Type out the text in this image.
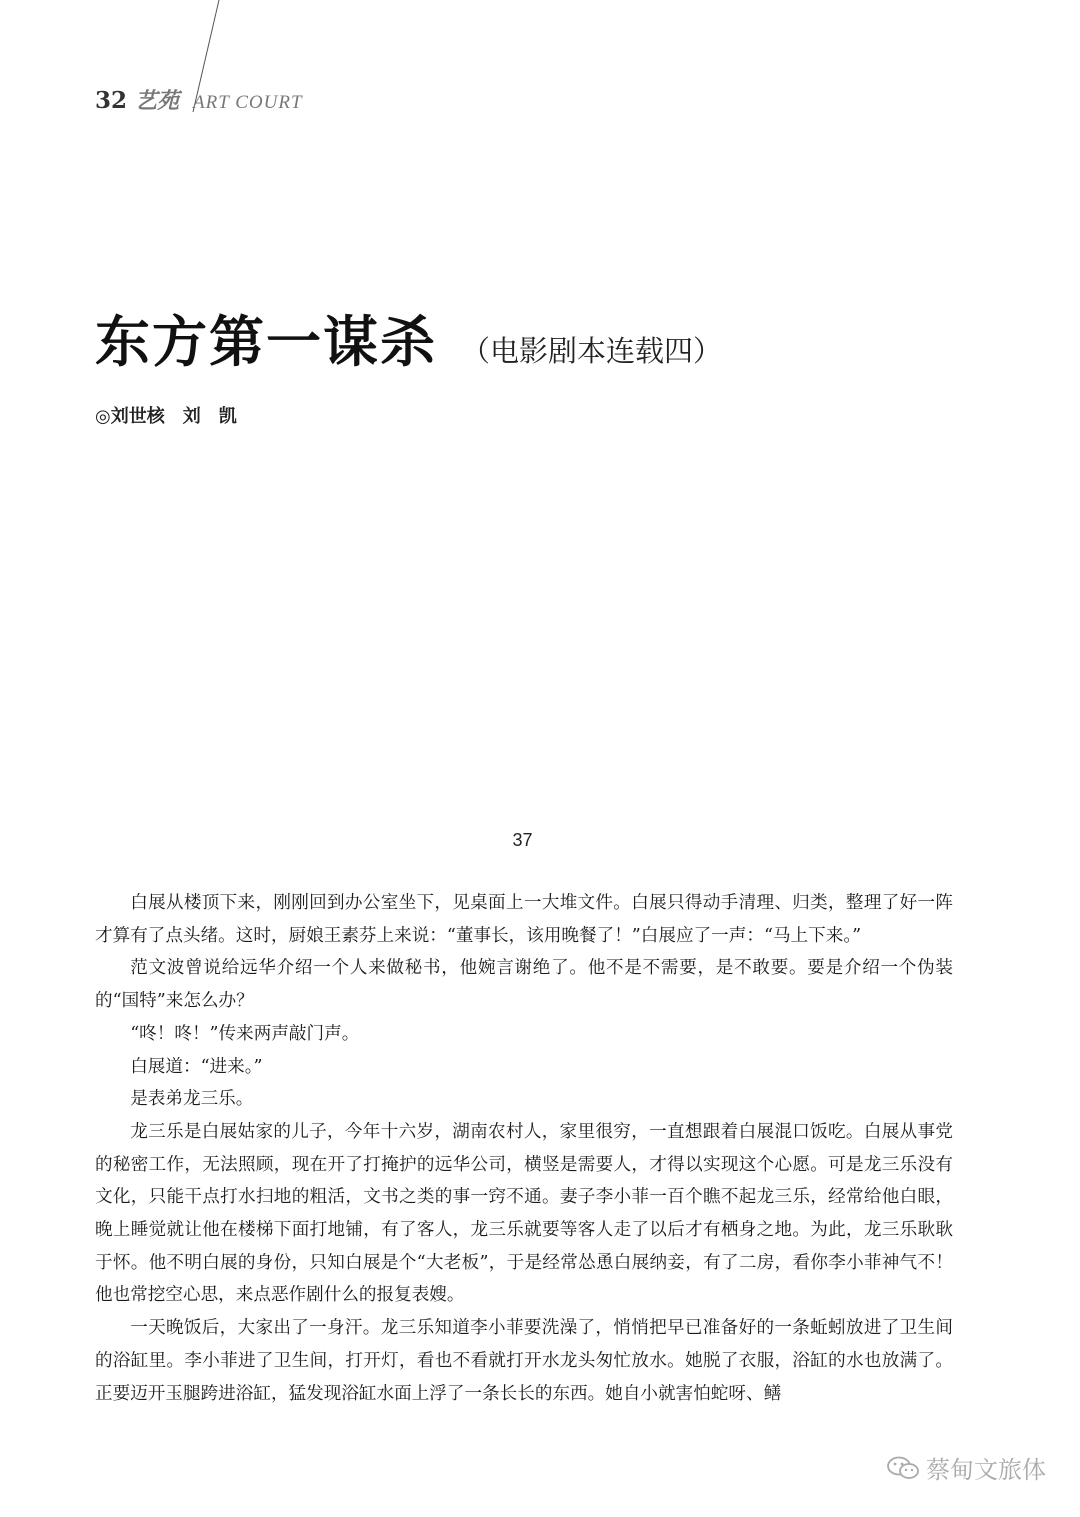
32 艺苑 ART COURT
东方第一谋杀 （电影剧本连载四）
◎刘世核　刘　凯
37

白展从楼顶下来，刚刚回到办公室坐下，见桌面上一大堆文件。白展只得动手清理、归类，整理了好一阵才算有了点头绪。这时，厨娘王素芬上来说：“董事长，该用晚餐了！”白展应了一声：“马上下来。”

范文波曾说给远华介绍一个人来做秘书，他婉言谢绝了。他不是不需要，是不敢要。要是介绍一个伪装的“国特”来怎么办？

“咚！咚！”传来两声敲门声。

白展道：“进来。”

是表弟龙三乐。

龙三乐是白展姑家的儿子，今年十六岁，湖南农村人，家里很穷，一直想跟着白展混口饭吃。白展从事党的秘密工作，无法照顾，现在开了打掩护的远华公司，横竖是需要人，才得以实现这个心愿。可是龙三乐没有文化，只能干点打水扫地的粗活，文书之类的事一窍不通。妻子李小菲一百个瞧不起龙三乐，经常给他白眼，晚上睡觉就让他在楼梯下面打地铺，有了客人，龙三乐就要等客人走了以后才有栖身之地。为此，龙三乐耿耿于怀。他不明白展的身份，只知白展是个“大老板”，于是经常怂恿白展纳妾，有了二房，看你李小菲神气不！他也常挖空心思，来点恶作剧什么的报复表嫂。

一天晚饭后，大家出了一身汗。龙三乐知道李小菲要洗澡了，悄悄把早已准备好的一条蚯蚓放进了卫生间的浴缸里。李小菲进了卫生间，打开灯，看也不看就打开水龙头匆忙放水。她脱了衣服，浴缸的水也放满了。正要迈开玉腿跨进浴缸，猛发现浴缸水面上浮了一条长长的东西。她自小就害怕蛇呀、鳝

蔡甸文旅体
